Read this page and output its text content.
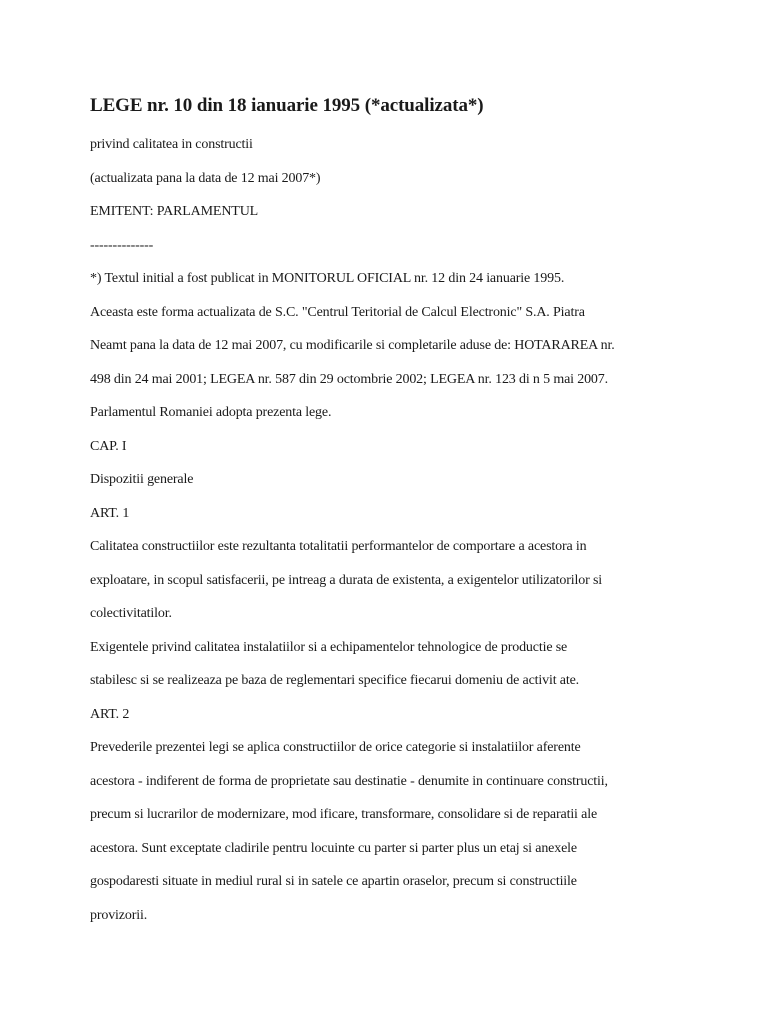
LEGE nr. 10 din 18 ianuarie 1995 (*actualizata*)

privind calitatea in constructii

(actualizata pana la data de 12 mai 2007*)

EMITENT: PARLAMENTUL

--------------

*) Textul initial a fost publicat in MONITORUL OFICIAL nr. 12 din 24 ianuarie 1995.

Aceasta este forma actualizata de S.C. "Centrul Teritorial de Calcul Electronic" S.A. Piatra

Neamt pana la data de 12 mai 2007, cu modificarile si completarile aduse de: HOTARAREA nr.

498 din 24 mai 2001; LEGEA nr. 587 din 29 octombrie 2002; LEGEA nr. 123 di n 5 mai 2007.

Parlamentul Romaniei adopta prezenta lege.

CAP. I

Dispozitii generale

ART. 1

Calitatea constructiilor este rezultanta totalitatii performantelor de comportare a acestora in

exploatare, in scopul satisfacerii, pe intreag a durata de existenta, a exigentelor utilizatorilor si

colectivitatilor.

Exigentele privind calitatea instalatiilor si a echipamentelor tehnologice de productie se

stabilesc si se realizeaza pe baza de reglementari specifice fiecarui domeniu de activit ate.

ART. 2

Prevederile prezentei legi se aplica constructiilor de orice categorie si instalatiilor aferente

acestora - indiferent de forma de proprietate sau destinatie - denumite in continuare constructii,

precum si lucrarilor de modernizare, mod ificare, transformare, consolidare si de reparatii ale

acestora. Sunt exceptate cladirile pentru locuinte cu parter si parter plus un etaj si anexele

gospodaresti situate in mediul rural si in satele ce apartin oraselor, precum si constructiile

provizorii.
